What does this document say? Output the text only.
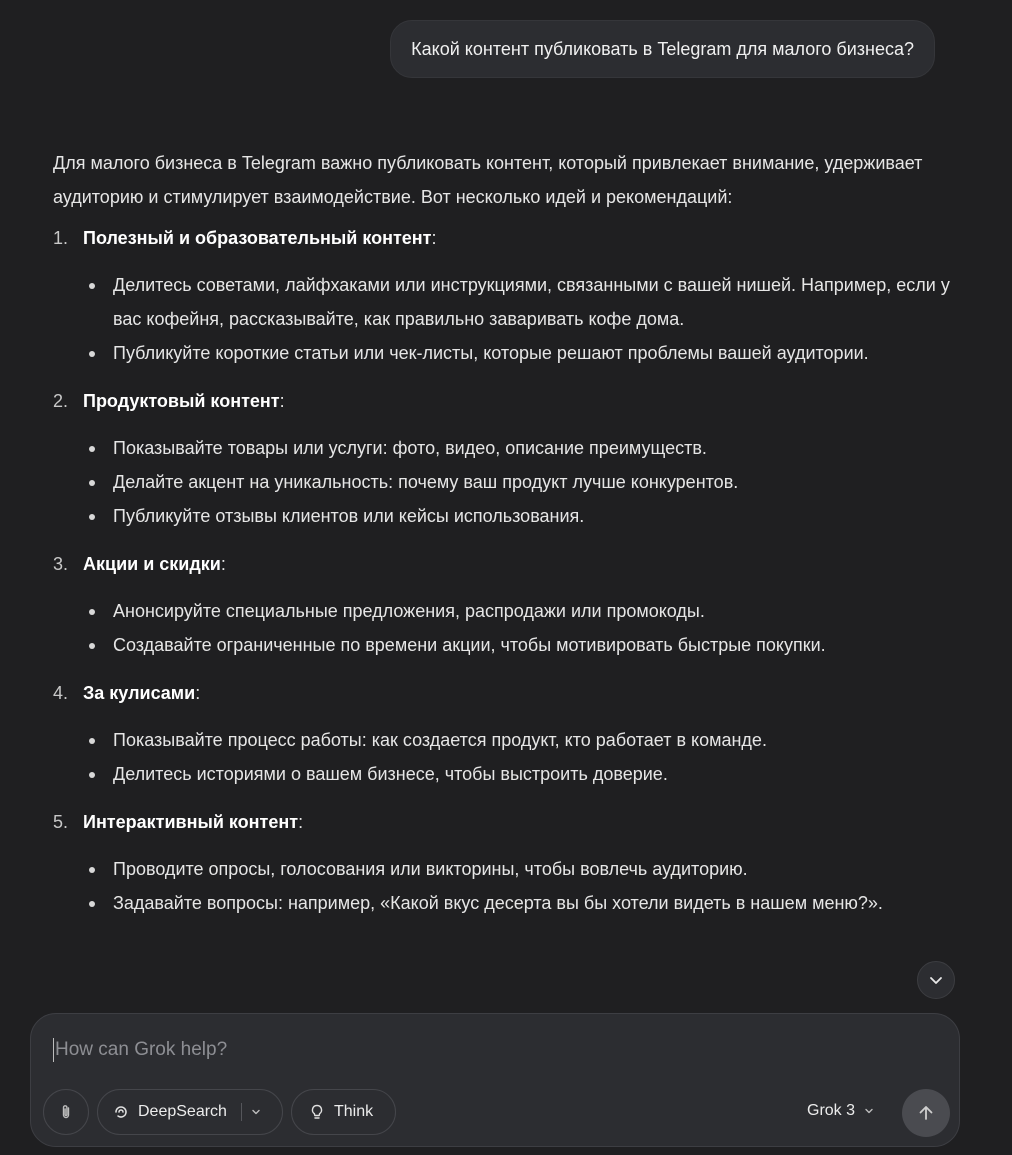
Какой контент публиковать в Telegram для малого бизнеса?

Для малого бизнеса в Telegram важно публиковать контент, который привлекает внимание, удерживает аудиторию и стимулирует взаимодействие. Вот несколько идей и рекомендаций:

1. Полезный и образовательный контент :
Делитесь советами, лайфхаками или инструкциями, связанными с вашей нишей. Например, если у вас кофейня, рассказывайте, как правильно заваривать кофе дома.
Публикуйте короткие статьи или чек-листы, которые решают проблемы вашей аудитории.
2. Продуктовый контент :
Показывайте товары или услуги: фото, видео, описание преимуществ.
Делайте акцент на уникальность: почему ваш продукт лучше конкурентов.
Публикуйте отзывы клиентов или кейсы использования.
3. Акции и скидки :
Анонсируйте специальные предложения, распродажи или промокоды.
Создавайте ограниченные по времени акции, чтобы мотивировать быстрые покупки.
4. За кулисами :
Показывайте процесс работы: как создается продукт, кто работает в команде.
Делитесь историями о вашем бизнесе, чтобы выстроить доверие.
5. Интерактивный контент :
Проводите опросы, голосования или викторины, чтобы вовлечь аудиторию.
Задавайте вопросы: например, «Какой вкус десерта вы бы хотели видеть в нашем меню?».
How can Grok help?
DeepSearch	Think	Grok 3
